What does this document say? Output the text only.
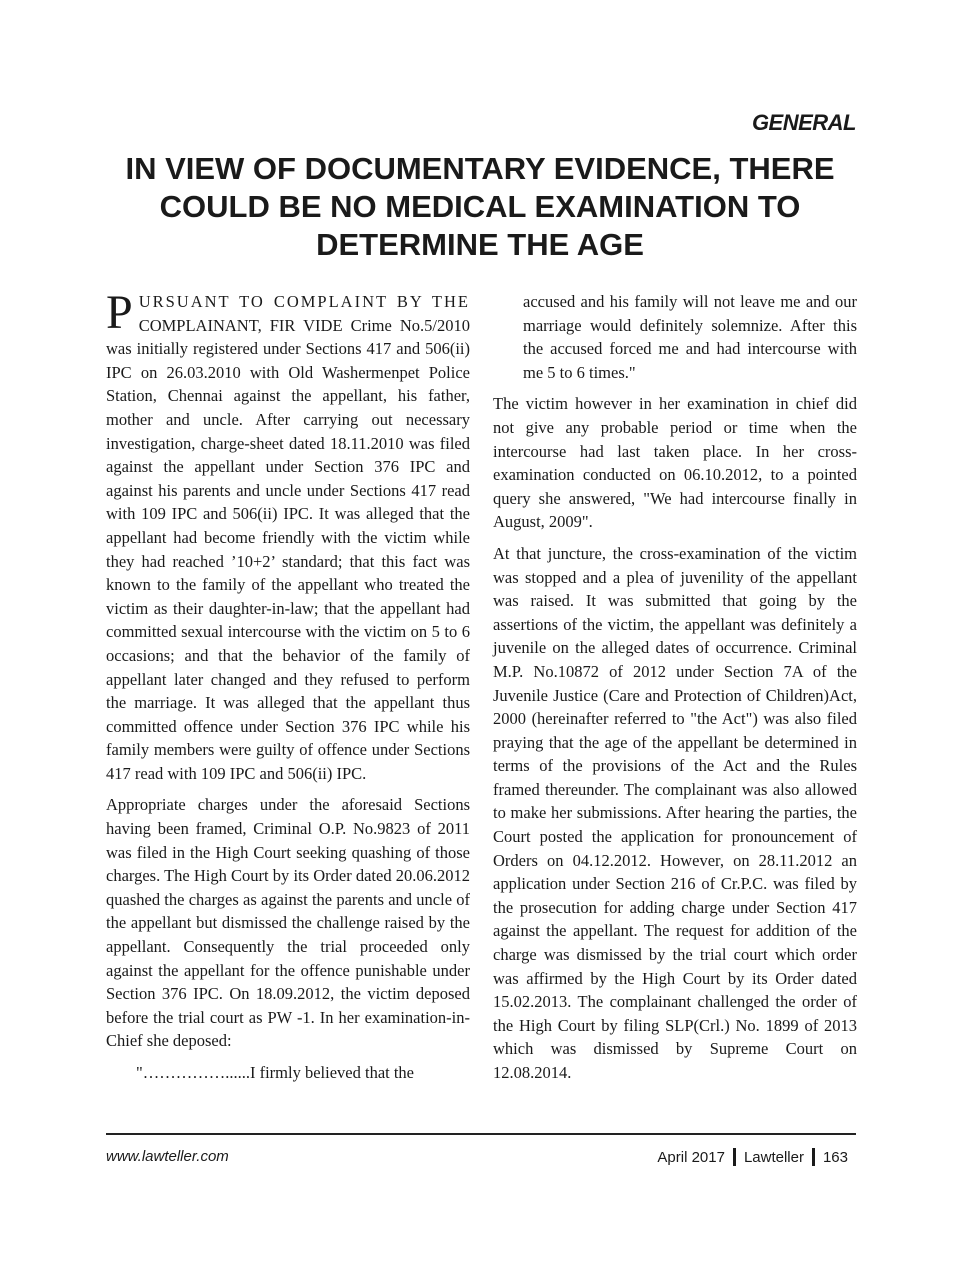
GENERAL
IN VIEW OF DOCUMENTARY EVIDENCE, THERE
COULD BE NO MEDICAL EXAMINATION TO
DETERMINE THE AGE

PURSUANT TO COMPLAINT BY THE COMPLAINANT, FIR VIDE Crime No.5/2010 was initially registered under Sections 417 and 506(ii) IPC on 26.03.2010 with Old Washermenpet Police Station, Chennai against the appellant, his father, mother and uncle. After carrying out necessary investigation, charge-sheet dated 18.11.2010 was filed against the appellant under Section 376 IPC and against his parents and uncle under Sections 417 read with 109 IPC and 506(ii) IPC. It was alleged that the appellant had become friendly with the victim while they had reached ’10+2’ standard; that this fact was known to the family of the appellant who treated the victim as their daughter-in-law; that the appellant had committed sexual intercourse with the victim on 5 to 6 occasions; and that the behavior of the family of appellant later changed and they refused to perform the marriage. It was alleged that the appellant thus committed offence under Section 376 IPC while his family members were guilty of offence under Sections 417 read with 109 IPC and 506(ii) IPC.

Appropriate charges under the aforesaid Sections having been framed, Criminal O.P. No.9823 of 2011 was filed in the High Court seeking quashing of those charges. The High Court by its Order dated 20.06.2012 quashed the charges as against the parents and uncle of the appellant but dismissed the challenge raised by the appellant. Consequently the trial proceeded only against the appellant for the offence punishable under Section 376 IPC. On 18.09.2012, the victim deposed before the trial court as PW -1. In her examination-in-Chief she deposed:

"……………......I firmly believed that the

accused and his family will not leave me and our marriage would definitely solemnize. After this the accused forced me and had intercourse with me 5 to 6 times."

The victim however in her examination in chief did not give any probable period or time when the intercourse had last taken place. In her cross-examination conducted on 06.10.2012, to a pointed query she answered, "We had intercourse finally in August, 2009".

At that juncture, the cross-examination of the victim was stopped and a plea of juvenility of the appellant was raised. It was submitted that going by the assertions of the victim, the appellant was definitely a juvenile on the alleged dates of occurrence. Criminal M.P. No.10872 of 2012 under Section 7A of the Juvenile Justice (Care and Protection of Children)Act, 2000 (hereinafter referred to "the Act") was also filed praying that the age of the appellant be determined in terms of the provisions of the Act and the Rules framed thereunder. The complainant was also allowed to make her submissions. After hearing the parties, the Court posted the application for pronouncement of Orders on 04.12.2012. However, on 28.11.2012 an application under Section 216 of Cr.P.C. was filed by the prosecution for adding charge under Section 417 against the appellant. The request for addition of the charge was dismissed by the trial court which order was affirmed by the High Court by its Order dated 15.02.2013. The complainant challenged the order of the High Court by filing SLP(Crl.) No. 1899 of 2013 which was dismissed by Supreme Court on 12.08.2014.

www.lawteller.com	April 2017 Lawteller 163
